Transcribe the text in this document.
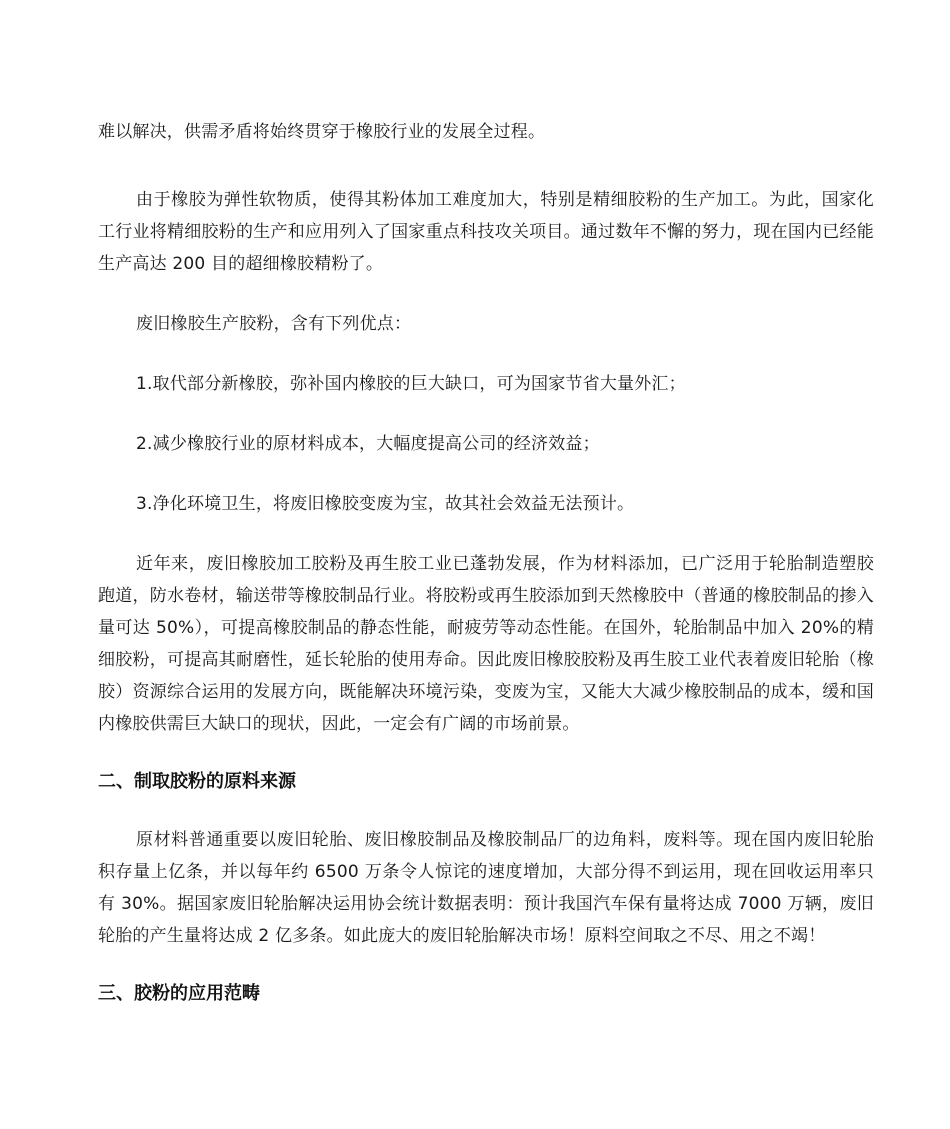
难以解决，供需矛盾将始终贯穿于橡胶行业的发展全过程。

由于橡胶为弹性软物质，使得其粉体加工难度加大，特别是精细胶粉的生产加工。为此，国家化工行业将精细胶粉的生产和应用列入了国家重点科技攻关项目。通过数年不懈的努力，现在国内已经能生产高达 200 目的超细橡胶精粉了。

废旧橡胶生产胶粉，含有下列优点：

1.取代部分新橡胶，弥补国内橡胶的巨大缺口，可为国家节省大量外汇；

2.减少橡胶行业的原材料成本，大幅度提高公司的经济效益；

3.净化环境卫生，将废旧橡胶变废为宝，故其社会效益无法预计。

近年来，废旧橡胶加工胶粉及再生胶工业已蓬勃发展，作为材料添加，已广泛用于轮胎制造塑胶跑道，防水卷材，输送带等橡胶制品行业。将胶粉或再生胶添加到天然橡胶中（普通的橡胶制品的掺入量可达 50%），可提高橡胶制品的静态性能，耐疲劳等动态性能。在国外，轮胎制品中加入 20%的精细胶粉，可提高其耐磨性，延长轮胎的使用寿命。因此废旧橡胶胶粉及再生胶工业代表着废旧轮胎（橡胶）资源综合运用的发展方向，既能解决环境污染，变废为宝，又能大大减少橡胶制品的成本，缓和国内橡胶供需巨大缺口的现状，因此，一定会有广阔的市场前景。

二、制取胶粉的原料来源

原材料普通重要以废旧轮胎、废旧橡胶制品及橡胶制品厂的边角料，废料等。现在国内废旧轮胎积存量上亿条，并以每年约 6500 万条令人惊诧的速度增加，大部分得不到运用，现在回收运用率只有 30%。据国家废旧轮胎解决运用协会统计数据表明：预计我国汽车保有量将达成 7000 万辆，废旧轮胎的产生量将达成 2 亿多条。如此庞大的废旧轮胎解决市场！原料空间取之不尽、用之不竭！

三、胶粉的应用范畴
